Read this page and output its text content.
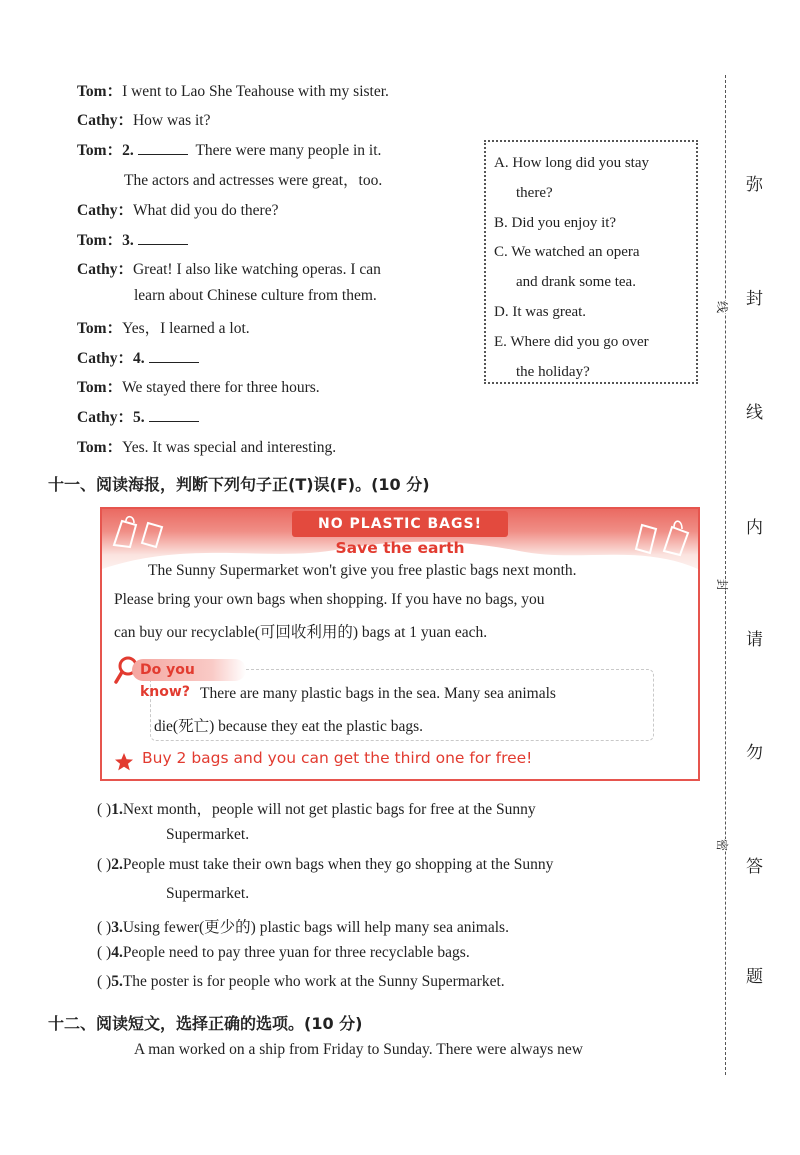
Tom：I went to Lao She Teahouse with my sister.
Cathy：How was it?
Tom：2.	There were many people in it.
The actors and actresses were great，too.
Cathy：What did you do there?
Tom：3.
Cathy：Great! I also like watching operas. I can
learn about Chinese culture from them.
Tom：Yes，I learned a lot.
Cathy：4.
Tom：We stayed there for three hours.
Cathy：5.
Tom：Yes. It was special and interesting.
A. How long did you stay
there?
B. Did you enjoy it?
C. We watched an opera
and drank some tea.
D. It was great.
E. Where did you go over
the holiday?
十一、阅读海报，判断下列句子正(T)误(F)。(10 分)
NO PLASTIC BAGS!
Save the earth
The Sunny Supermarket won't give you free plastic bags next month.
Please bring your own bags when shopping. If you have no bags, you
can buy our recyclable(可回收利用的) bags at 1 yuan each.
Do you know? There are many plastic bags in the sea. Many sea animals
die(死亡) because they eat the plastic bags.
Buy 2 bags and you can get the third one for free!
( )1.Next month，people will not get plastic bags for free at the Sunny
Supermarket.
( )2.People must take their own bags when they go shopping at the Sunny
Supermarket.
( )3.Using fewer(更少的) plastic bags will help many sea animals.
( )4.People need to pay three yuan for three recyclable bags.
( )5.The poster is for people who work at the Sunny Supermarket.
十二、阅读短文，选择正确的选项。(10 分)
A man worked on a ship from Friday to Sunday. There were always new
线
封
密
弥
封
线
内
请
勿
答
题
